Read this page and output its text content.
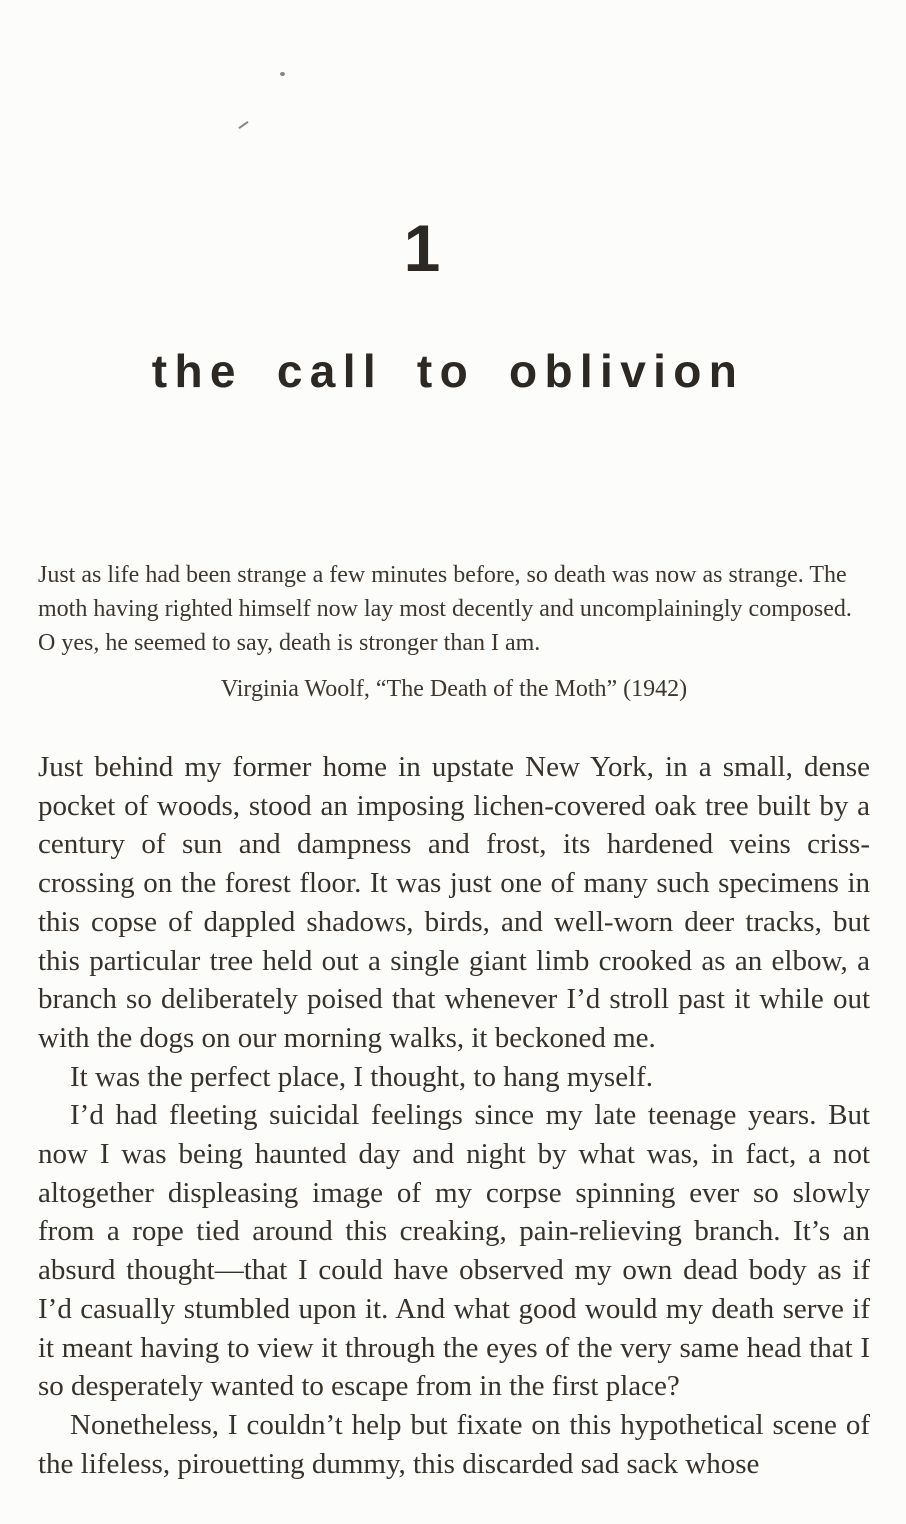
1
the call to oblivion

Just as life had been strange a few minutes before, so death was now as strange. The moth having righted himself now lay most decently and uncomplainingly composed. O yes, he seemed to say, death is stronger than I am.

Virginia Woolf, “The Death of the Moth” (1942)

Just behind my former home in upstate New York, in a small, dense pocket of woods, stood an imposing lichen-covered oak tree built by a century of sun and dampness and frost, its hardened veins criss-crossing on the forest floor. It was just one of many such specimens in this copse of dappled shadows, birds, and well-worn deer tracks, but this particular tree held out a single giant limb crooked as an elbow, a branch so deliberately poised that whenever I’d stroll past it while out with the dogs on our morning walks, it beckoned me.

It was the perfect place, I thought, to hang myself.

I’d had fleeting suicidal feelings since my late teenage years. But now I was being haunted day and night by what was, in fact, a not altogether displeasing image of my corpse spinning ever so slowly from a rope tied around this creaking, pain-relieving branch. It’s an absurd thought—that I could have observed my own dead body as if I’d casually stumbled upon it. And what good would my death serve if it meant having to view it through the eyes of the very same head that I so desperately wanted to escape from in the first place?

Nonetheless, I couldn’t help but fixate on this hypothetical scene of the lifeless, pirouetting dummy, this discarded sad sack whose
